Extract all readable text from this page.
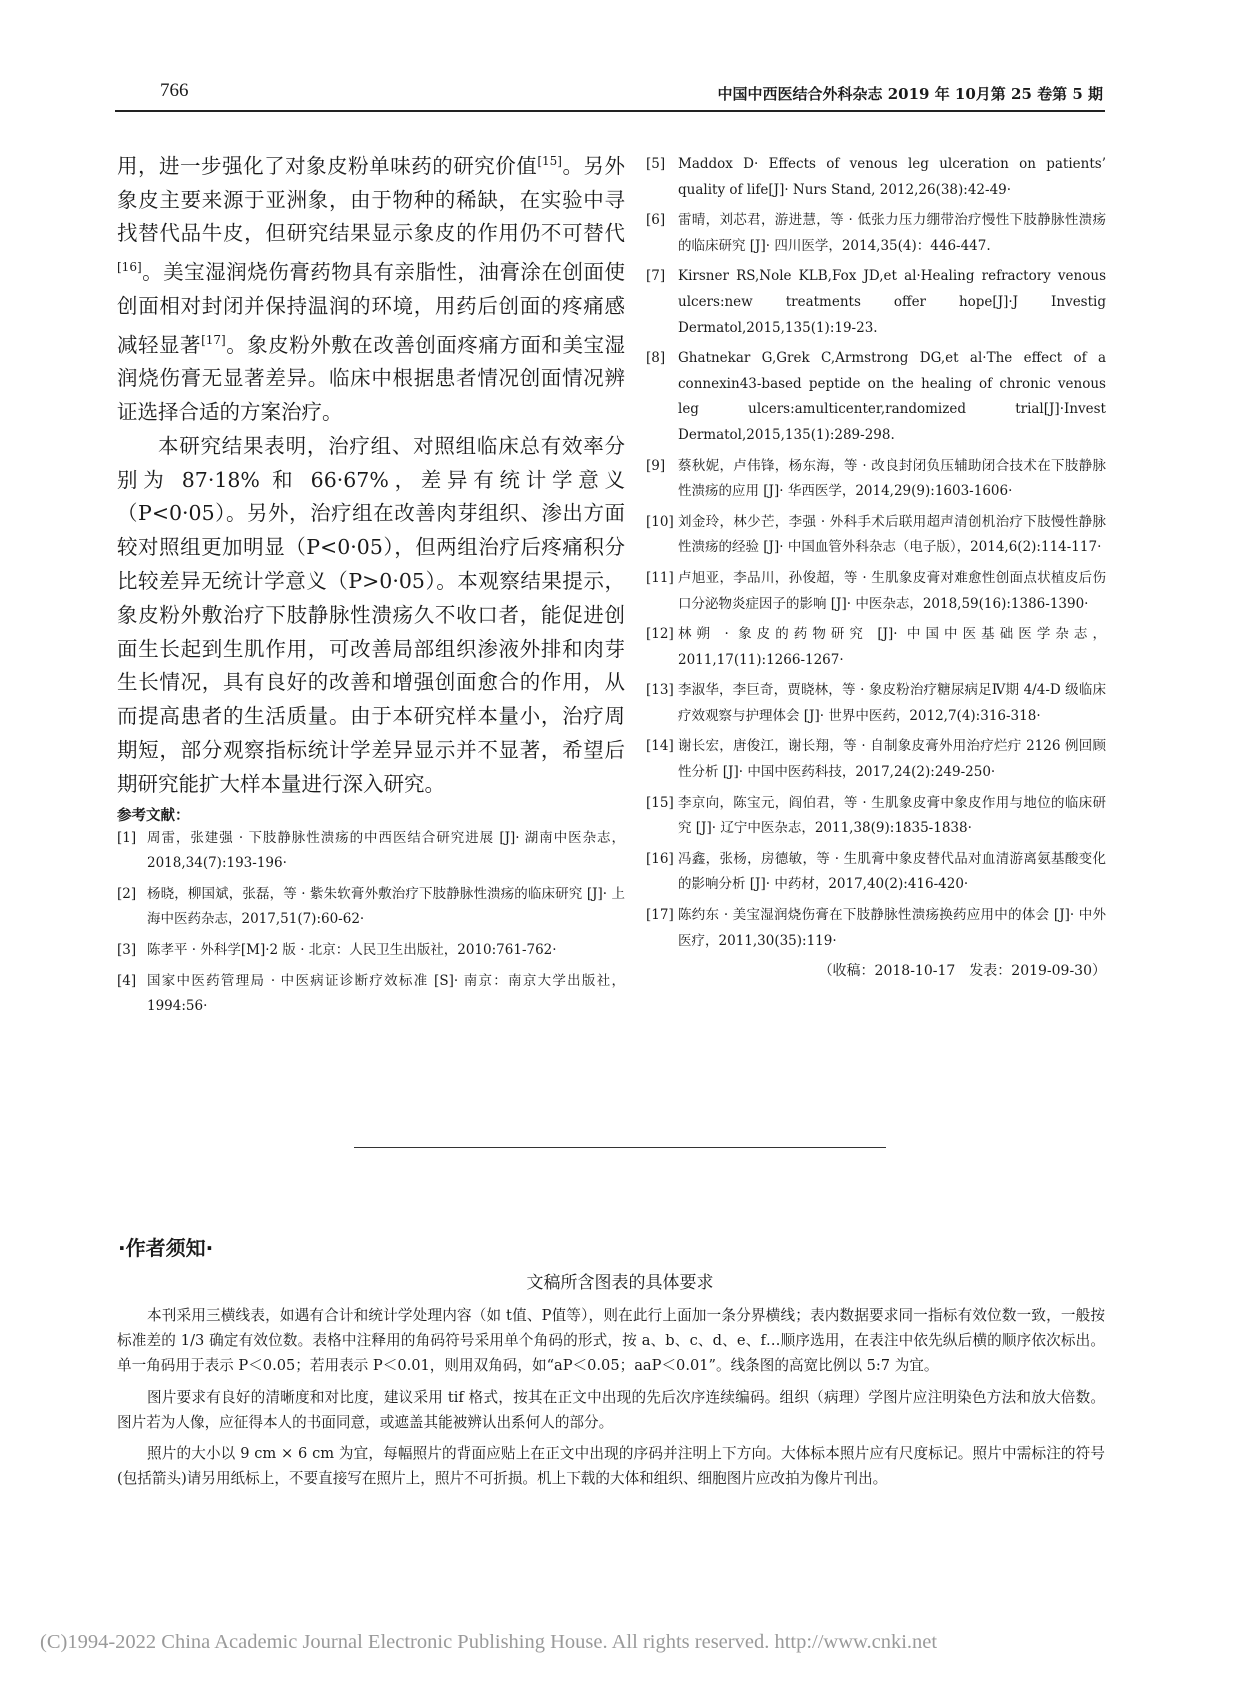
766	中国中西医结合外科杂志 2019 年 10月第 25 卷第 5 期

用，进一步强化了对象皮粉单味药的研究价值[15]。另外象皮主要来源于亚洲象，由于物种的稀缺，在实验中寻找替代品牛皮，但研究结果显示象皮的作用仍不可替代[16]。美宝湿润烧伤膏药物具有亲脂性，油膏涂在创面使创面相对封闭并保持温润的环境，用药后创面的疼痛感减轻显著[17]。象皮粉外敷在改善创面疼痛方面和美宝湿润烧伤膏无显著差异。临床中根据患者情况创面情况辨证选择合适的方案治疗。

本研究结果表明，治疗组、对照组临床总有效率分别为 87·18% 和 66·67%，差异有统计学意义（P<0·05）。另外，治疗组在改善肉芽组织、渗出方面较对照组更加明显（P<0·05），但两组治疗后疼痛积分比较差异无统计学意义（P>0·05）。本观察结果提示，象皮粉外敷治疗下肢静脉性溃疡久不收口者，能促进创面生长起到生肌作用，可改善局部组织渗液外排和肉芽生长情况，具有良好的改善和增强创面愈合的作用，从而提高患者的生活质量。由于本研究样本量小，治疗周期短，部分观察指标统计学差异显示并不显著，希望后期研究能扩大样本量进行深入研究。

参考文献：
[1] 周雷，张建强 · 下肢静脉性溃疡的中西医结合研究进展 [J]· 湖南中医杂志，2018,34(7):193-196·
[2] 杨晓，柳国斌，张磊，等 · 紫朱软膏外敷治疗下肢静脉性溃疡的临床研究 [J]· 上海中医药杂志，2017,51(7):60-62·
[3] 陈孝平 · 外科学[M]·2 版 · 北京：人民卫生出版社，2010:761-762·
[4] 国家中医药管理局 · 中医病证诊断疗效标准 [S]· 南京：南京大学出版社，1994:56·
[5] Maddox D· Effects of venous leg ulceration on patients’ quality of life[J]· Nurs Stand, 2012,26(38):42-49·
[6] 雷晴，刘芯君，游进慧，等 · 低张力压力绷带治疗慢性下肢静脉性溃疡的临床研究 [J]· 四川医学，2014,35(4)：446-447.
[7] Kirsner RS,Nole KLB,Fox JD,et al·Healing refractory venous ulcers:new treatments offer hope[J]·J Investig Dermatol,2015,135(1):19-23.
[8] Ghatnekar G,Grek C,Armstrong DG,et al·The effect of a connexin43-based peptide on the healing of chronic venous leg ulcers:amulticenter,randomized trial[J]·Invest Dermatol,2015,135(1):289-298.
[9] 蔡秋妮，卢伟锋，杨东海，等 · 改良封闭负压辅助闭合技术在下肢静脉性溃疡的应用 [J]· 华西医学，2014,29(9):1603-1606·
[10] 刘金玲，林少芒，李强 · 外科手术后联用超声清创机治疗下肢慢性静脉性溃疡的经验 [J]· 中国血管外科杂志（电子版），2014,6(2):114-117·
[11] 卢旭亚，李品川，孙俊超，等 · 生肌象皮膏对难愈性创面点状植皮后伤口分泌物炎症因子的影响 [J]· 中医杂志，2018,59(16):1386-1390·
[12] 林朔 · 象皮的药物研究 [J]· 中国中医基础医学杂志，2011,17(11):1266-1267·
[13] 李淑华，李巨奇，贾晓林，等 · 象皮粉治疗糖尿病足Ⅳ期 4/4-D 级临床疗效观察与护理体会 [J]· 世界中医药，2012,7(4):316-318·
[14] 谢长宏，唐俊江，谢长翔，等 · 自制象皮膏外用治疗烂疔 2126 例回顾性分析 [J]· 中国中医药科技，2017,24(2):249-250·
[15] 李京向，陈宝元，阎伯君，等 · 生肌象皮膏中象皮作用与地位的临床研究 [J]· 辽宁中医杂志，2011,38(9):1835-1838·
[16] 冯鑫，张杨，房德敏，等 · 生肌膏中象皮替代品对血清游离氨基酸变化的影响分析 [J]· 中药材，2017,40(2):416-420·
[17] 陈约东 · 美宝湿润烧伤膏在下肢静脉性溃疡换药应用中的体会 [J]· 中外医疗，2011,30(35):119·
（收稿：2018-10-17　发表：2019-09-30）
·作者须知·
文稿所含图表的具体要求

本刊采用三横线表，如遇有合计和统计学处理内容（如 t值、P值等），则在此行上面加一条分界横线；表内数据要求同一指标有效位数一致，一般按标准差的 1/3 确定有效位数。表格中注释用的角码符号采用单个角码的形式，按 a、b、c、d、e、f…顺序选用，在表注中依先纵后横的顺序依次标出。单一角码用于表示 P＜0.05；若用表示 P＜0.01，则用双角码，如“aP＜0.05；aaP＜0.01”。线条图的高宽比例以 5:7 为宜。

图片要求有良好的清晰度和对比度，建议采用 tif 格式，按其在正文中出现的先后次序连续编码。组织（病理）学图片应注明染色方法和放大倍数。图片若为人像，应征得本人的书面同意，或遮盖其能被辨认出系何人的部分。

照片的大小以 9 cm × 6 cm 为宜，每幅照片的背面应贴上在正文中出现的序码并注明上下方向。大体标本照片应有尺度标记。照片中需标注的符号(包括箭头)请另用纸标上，不要直接写在照片上，照片不可折损。机上下载的大体和组织、细胞图片应改拍为像片刊出。

(C)1994-2022 China Academic Journal Electronic Publishing House. All rights reserved. http://www.cnki.net
